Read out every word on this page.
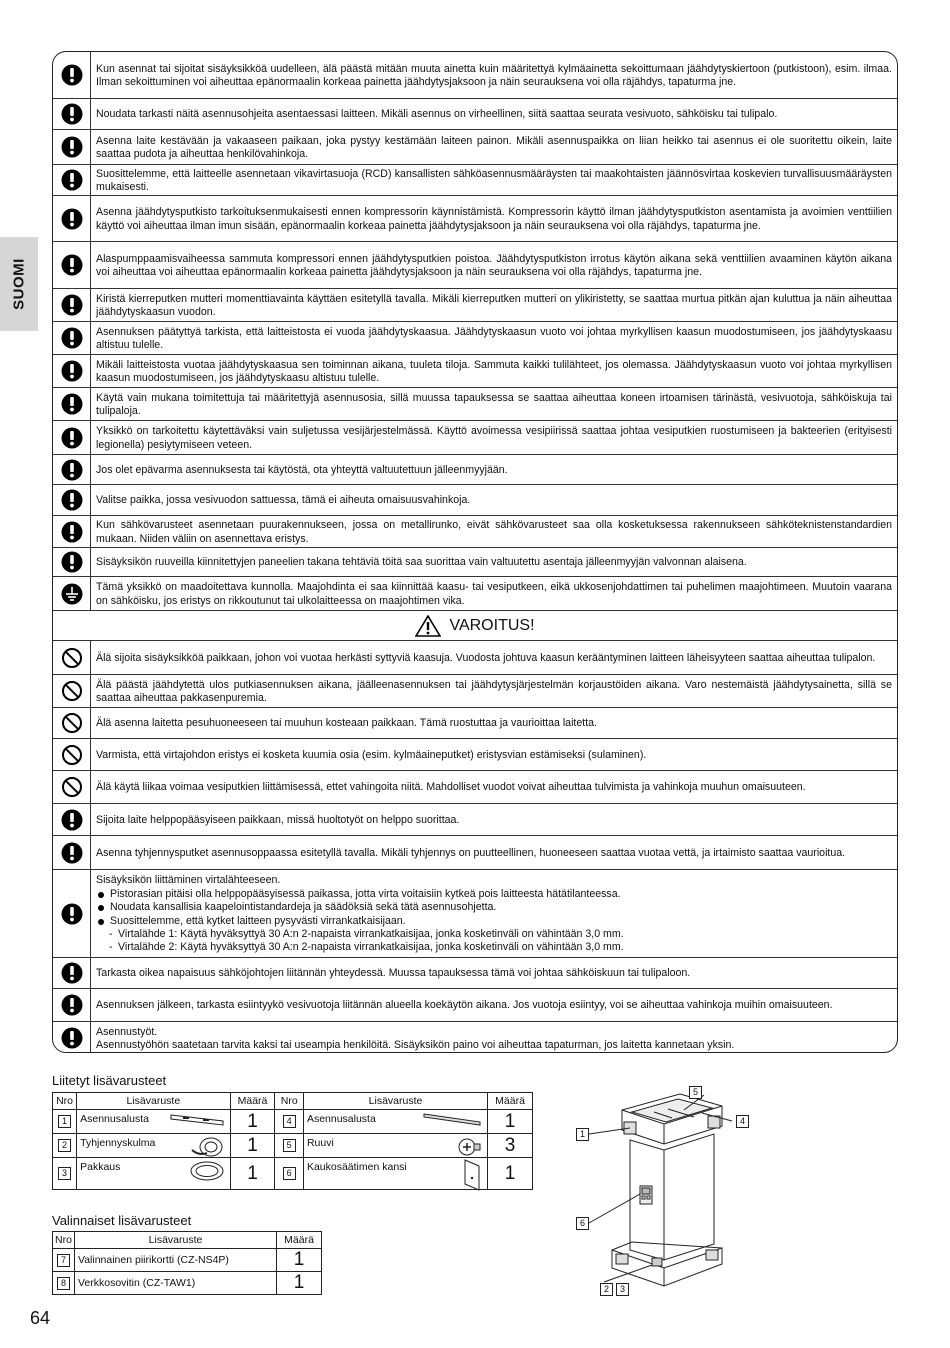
SUOMI
Kun asennat tai sijoitat sisäyksikköä uudelleen, älä päästä mitään muuta ainetta kuin määritettyä kylmäainetta sekoittumaan jäähdytyskiertoon (putkistoon), esim. ilmaa. Ilman sekoittuminen voi aiheuttaa epänormaalin korkeaa painetta jäähdytysjaksoon ja näin seurauksena voi olla räjähdys, tapaturma jne.
Noudata tarkasti näitä asennusohjeita asentaessasi laitteen. Mikäli asennus on virheellinen, siitä saattaa seurata vesivuoto, sähköisku tai tulipalo.
Asenna laite kestävään ja vakaaseen paikaan, joka pystyy kestämään laiteen painon. Mikäli asennuspaikka on liian heikko tai asennus ei ole suoritettu oikein, laite saattaa pudota ja aiheuttaa henkilövahinkoja.
Suosittelemme, että laitteelle asennetaan vikavirtasuoja (RCD) kansallisten sähköasennusmääräysten tai maakohtaisten jäännösvirtaa koskevien turvallisuusmääräysten mukaisesti.
Asenna jäähdytysputkisto tarkoituksenmukaisesti ennen kompressorin käynnistämistä. Kompressorin käyttö ilman jäähdytysputkiston asentamista ja avoimien venttiilien käyttö voi aiheuttaa ilman imun sisään, epänormaalin korkeaa painetta jäähdytysjaksoon ja näin seurauksena voi olla räjähdys, tapaturma jne.
Alaspumppaamisvaiheessa sammuta kompressori ennen jäähdytysputkien poistoa. Jäähdytysputkiston irrotus käytön aikana sekä venttiilien avaaminen käytön aikana voi aiheuttaa voi aiheuttaa epänormaalin korkeaa painetta jäähdytysjaksoon ja näin seurauksena voi olla räjähdys, tapaturma jne.
Kiristä kierreputken mutteri momenttiavainta käyttäen esitetyllä tavalla. Mikäli kierreputken mutteri on ylikiristetty, se saattaa murtua pitkän ajan kuluttua ja näin aiheuttaa jäähdytyskaasun vuodon.
Asennuksen päätyttyä tarkista, että laitteistosta ei vuoda jäähdytyskaasua. Jäähdytyskaasun vuoto voi johtaa myrkyllisen kaasun muodostumiseen, jos jäähdytyskaasu altistuu tulelle.
Mikäli laitteistosta vuotaa jäähdytyskaasua sen toiminnan aikana, tuuleta tiloja. Sammuta kaikki tulilähteet, jos olemassa. Jäähdytyskaasun vuoto voi johtaa myrkyllisen kaasun muodostumiseen, jos jäähdytyskaasu altistuu tulelle.
Käytä vain mukana toimitettuja tai määritettyjä asennusosia, sillä muussa tapauksessa se saattaa aiheuttaa koneen irtoamisen tärinästä, vesivuotoja, sähköiskuja tai tulipaloja.
Yksikkö on tarkoitettu käytettäväksi vain suljetussa vesijärjestelmässä. Käyttö avoimessa vesipiirissä saattaa johtaa vesiputkien ruostumiseen ja bakteerien (erityisesti legionella) pesiytymiseen veteen.
Jos olet epävarma asennuksesta tai käytöstä, ota yhteyttä valtuutettuun jälleenmyyjään.
Valitse paikka, jossa vesivuodon sattuessa, tämä ei aiheuta omaisuusvahinkoja.
Kun sähkövarusteet asennetaan puurakennukseen, jossa on metallirunko, eivät sähkövarusteet saa olla kosketuksessa rakennukseen sähköteknistenstandardien mukaan. Niiden väliin on asennettava eristys.
Sisäyksikön ruuveilla kiinnitettyjen paneelien takana tehtäviä töitä saa suorittaa vain valtuutettu asentaja jälleenmyyjän valvonnan alaisena.
Tämä yksikkö on maadoitettava kunnolla. Maajohdinta ei saa kiinnittää kaasu- tai vesiputkeen, eikä ukkosenjohdattimen tai puhelimen maajohtimeen. Muutoin vaarana on sähköisku, jos eristys on rikkoutunut tai ulkolaitteessa on maajohtimen vika.
VAROITUS!
Älä sijoita sisäyksikköä paikkaan, johon voi vuotaa herkästi syttyviä kaasuja. Vuodosta johtuva kaasun kerääntyminen laitteen läheisyyteen saattaa aiheuttaa tulipalon.
Älä päästä jäähdytettä ulos putkiasennuksen aikana, jäälleenasennuksen tai jäähdytysjärjestelmän korjaustöiden aikana. Varo nestemäistä jäähdytysainetta, sillä se saattaa aiheuttaa pakkasenpuremia.
Älä asenna laitetta pesuhuoneeseen tai muuhun kosteaan paikkaan. Tämä ruostuttaa ja vaurioittaa laitetta.
Varmista, että virtajohdon eristys ei kosketa kuumia osia (esim. kylmäaineputket) eristysvian estämiseksi (sulaminen).
Älä käytä liikaa voimaa vesiputkien liittämisessä, ettet vahingoita niitä. Mahdolliset vuodot voivat aiheuttaa tulvimista ja vahinkoja muuhun omaisuuteen.
Sijoita laite helppopääsyiseen paikkaan, missä huoltotyöt on helppo suorittaa.
Asenna tyhjennysputket asennusoppaassa esitetyllä tavalla. Mikäli tyhjennys on puutteellinen, huoneeseen saattaa vuotaa vettä, ja irtaimisto saattaa vaurioitua.
Sisäyksikön liittäminen virtalähteeseen.
Pistorasian pitäisi olla helppopääsyisessä paikassa, jotta virta voitaisiin kytkeä pois laitteesta hätätilanteessa.
Noudata kansallisia kaapelointistandardeja ja säädöksiä sekä tätä asennusohjetta.
Suosittelemme, että kytket laitteen pysyvästi virrankatkaisijaan.
- Virtalähde 1: Käytä hyväksyttyä 30 A:n 2-napaista virrankatkaisijaa, jonka kosketinväli on vähintään 3,0 mm.
- Virtalähde 2: Käytä hyväksyttyä 30 A:n 2-napaista virrankatkaisijaa, jonka kosketinväli on vähintään 3,0 mm.
Tarkasta oikea napaisuus sähköjohtojen liitännän yhteydessä. Muussa tapauksessa tämä voi johtaa sähköiskuun tai tulipaloon.
Asennuksen jälkeen, tarkasta esiintyykö vesivuotoja liitännän alueella koekäytön aikana. Jos vuotoja esiintyy, voi se aiheuttaa vahinkoja muihin omaisuuteen.
Asennustyöt.
Asennustyöhön saatetaan tarvita kaksi tai useampia henkilöitä. Sisäyksikön paino voi aiheuttaa tapaturman, jos laitetta kannetaan yksin.
Liitetyt lisävarusteet
Nro	Lisävaruste	Määrä	Nro	Lisävaruste	Määrä
1	Asennusalusta	1	4	Asennusalusta	1
2	Tyhjennyskulma	1	5	Ruuvi	3
3	Pakkaus	1	6	Kaukosäätimen kansi	1
Valinnaiset lisävarusteet
Nro	Lisävaruste	Määrä
7	Valinnainen piirikortti (CZ-NS4P)	1
8	Verkkosovitin (CZ-TAW1)	1
5
4
1
6
2	3
64
